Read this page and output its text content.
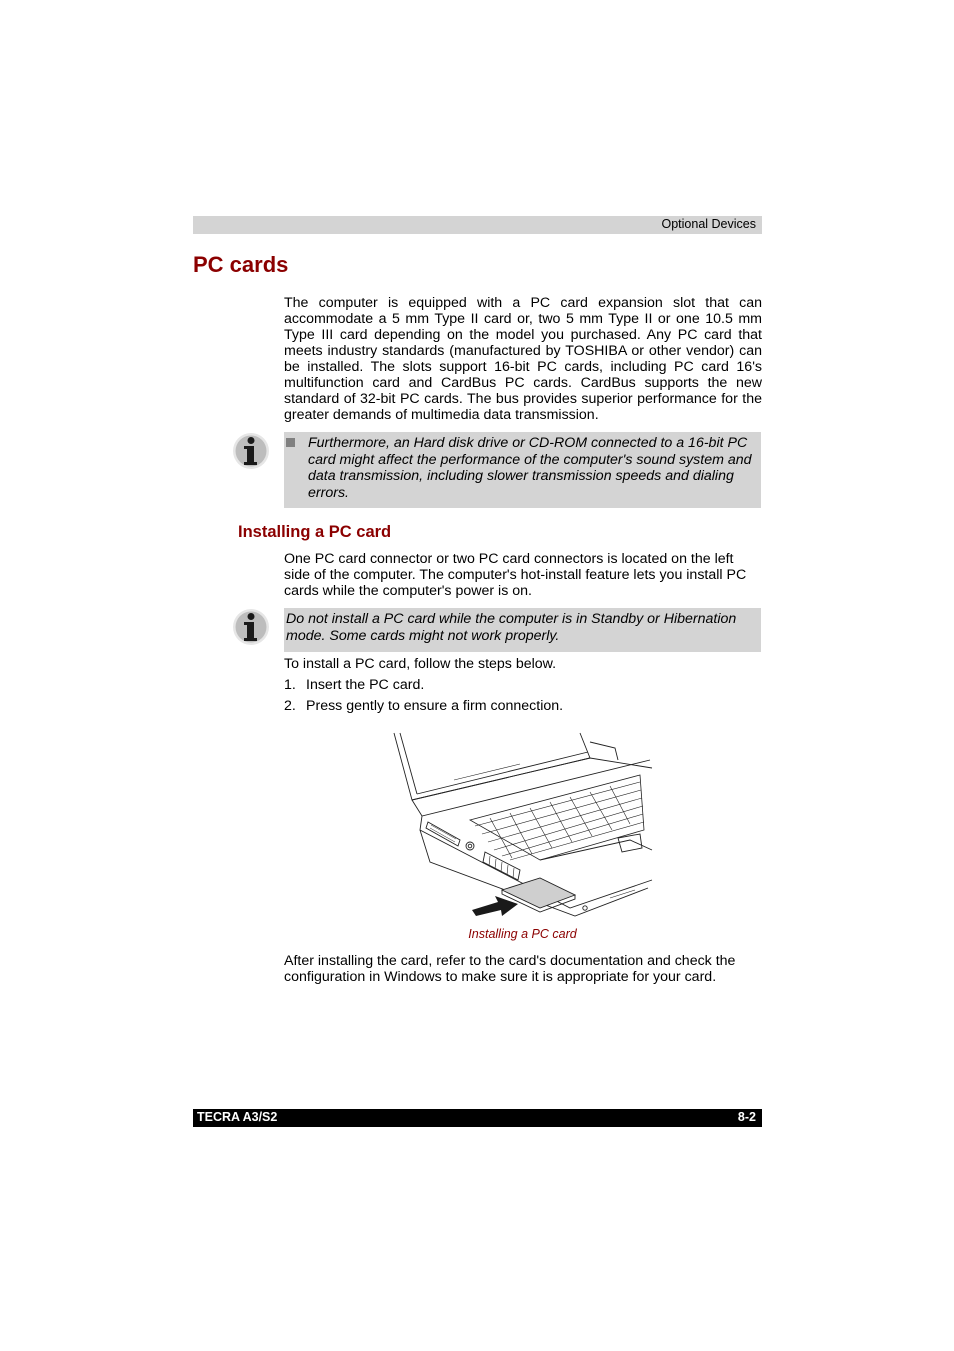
Optional Devices
PC cards

The computer is equipped with a PC card expansion slot that can accommodate a 5 mm Type II card or, two 5 mm Type II or one 10.5 mm Type III card depending on the model you purchased. Any PC card that meets industry standards (manufactured by TOSHIBA or other vendor) can be installed. The slots support 16-bit PC cards, including PC card 16's multifunction card and CardBus PC cards. CardBus supports the new standard of 32-bit PC cards. The bus provides superior performance for the greater demands of multimedia data transmission.

Furthermore, an Hard disk drive or CD-ROM connected to a 16-bit PC card might affect the performance of the computer's sound system and data transmission, including slower transmission speeds and dialing errors.

Installing a PC card

One PC card connector or two PC card connectors is located on the left side of the computer. The computer's hot-install feature lets you install PC cards while the computer's power is on.

Do not install a PC card while the computer is in Standby or Hibernation mode. Some cards might not work properly.

To install a PC card, follow the steps below.

1. Insert the PC card.
2. Press gently to ensure a firm connection.
Installing a PC card

After installing the card, refer to the card's documentation and check the configuration in Windows to make sure it is appropriate for your card.

TECRA A3/S2	8-2
